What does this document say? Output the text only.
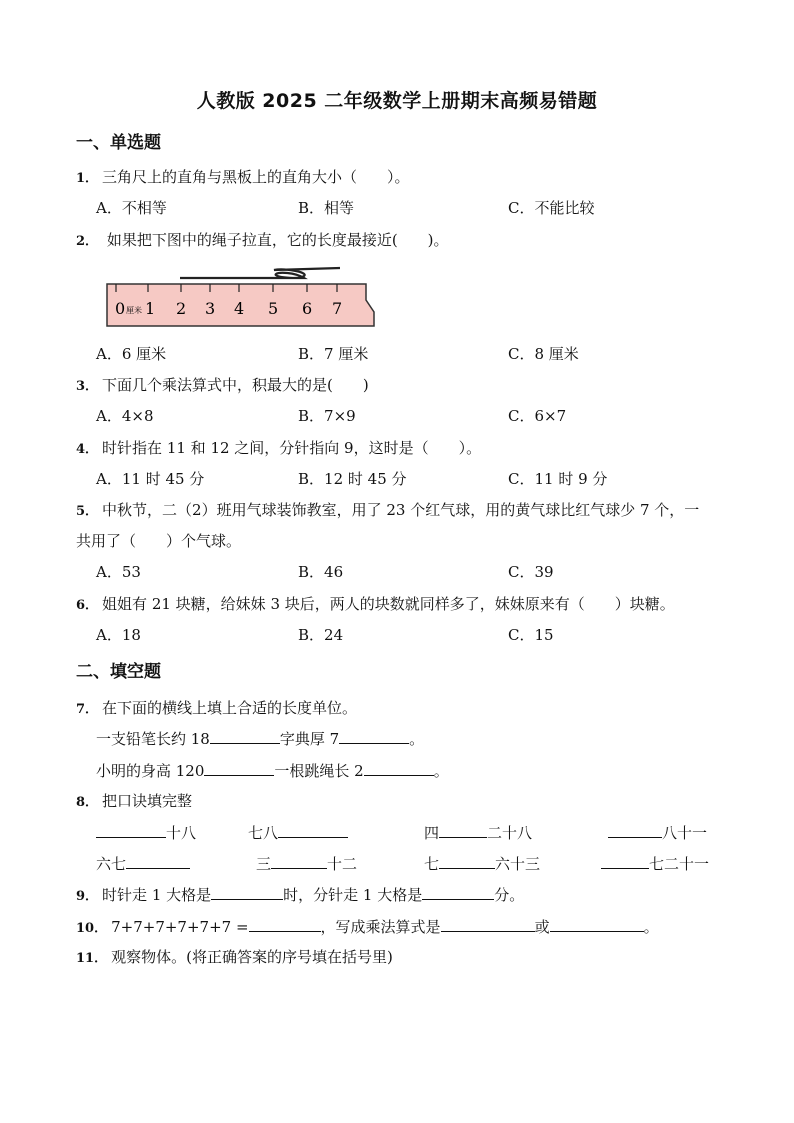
人教版 2025 二年级数学上册期末高频易错题
一、单选题
1． 三角尺上的直角与黑板上的直角大小（　　）。
A．不相等	B．相等	C．不能比较
2． 如果把下图中的绳子拉直，它的长度最接近(　　)。
0 厘米 1 2 3 4 5 6 7
A．6 厘米	B．7 厘米	C．8 厘米
3． 下面几个乘法算式中，积最大的是(　　)
A．4×8	B．7×9	C．6×7
4． 时针指在 11 和 12 之间，分针指向 9，这时是（　　）。
A．11 时 45 分	B．12 时 45 分	C．11 时 9 分
5． 中秋节，二（2）班用气球装饰教室，用了 23 个红气球，用的黄气球比红气球少 7 个，一
共用了（　　）个气球。
A．53	B．46	C．39
6． 姐姐有 21 块糖，给妹妹 3 块后，两人的块数就同样多了，妹妹原来有（　　）块糖。
A．18	B．24	C．15
二、填空题
7． 在下面的横线上填上合适的长度单位。
一支铅笔长约 18	字典厚 7	。
小明的身高 120	一根跳绳长 2	。
8． 把口诀填完整
十八	七八	四	二十八	八十一
六七	三	十二	七	六十三	七二十一
9． 时针走 1 大格是	时，分针走 1 大格是	分。
10． 7+7+7+7+7+7 =	，写成乘法算式是	或	。
11． 观察物体。(将正确答案的序号填在括号里)
